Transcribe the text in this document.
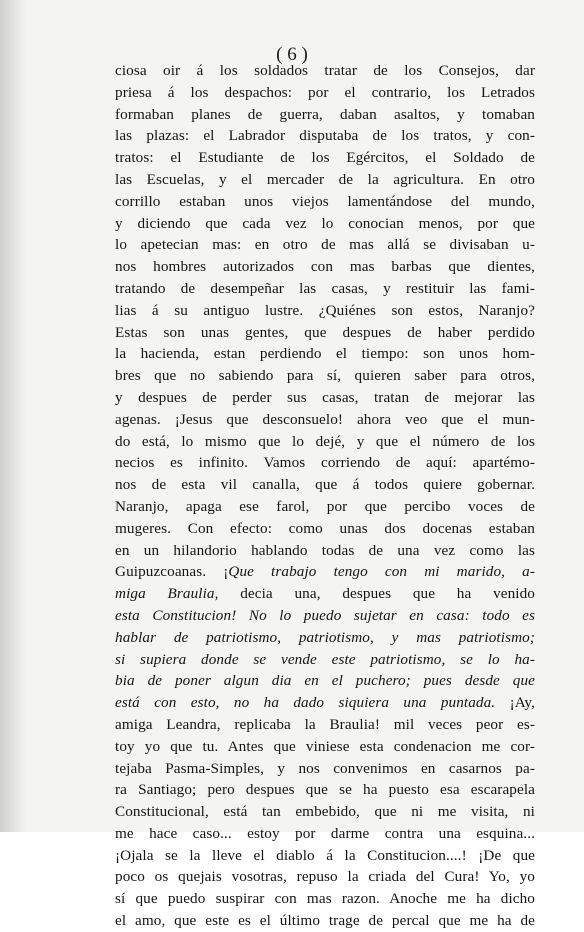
( 6 )
ciosa oir á los soldados tratar de los Consejos, dar
priesa á los despachos: por el contrario, los Letrados
formaban planes de guerra, daban asaltos, y tomaban
las plazas: el Labrador disputaba de los tratos, y con-
tratos: el Estudiante de los Egércitos, el Soldado de
las Escuelas, y el mercader de la agricultura. En otro
corrillo estaban unos viejos lamentándose del mundo,
y diciendo que cada vez lo conocian menos, por que
lo apetecian mas: en otro de mas allá se divisaban u-
nos hombres autorizados con mas barbas que dientes,
tratando de desempeñar las casas, y restituir las fami-
lias á su antiguo lustre. ¿Quiénes son estos, Naranjo?
Estas son unas gentes, que despues de haber perdido
la hacienda, estan perdiendo el tiempo: son unos hom-
bres que no sabiendo para sí, quieren saber para otros,
y despues de perder sus casas, tratan de mejorar las
agenas. ¡Jesus que desconsuelo! ahora veo que el mun-
do está, lo mismo que lo dejé, y que el número de los
necios es infinito. Vamos corriendo de aquí: apartémo-
nos de esta vil canalla, que á todos quiere gobernar.
Naranjo, apaga ese farol, por que percibo voces de
mugeres. Con efecto: como unas dos docenas estaban
en un hilandorio hablando todas de una vez como las
Guipuzcoanas. ¡Que trabajo tengo con mi marido, a-
miga Braulia, decia una, despues que ha venido
esta Constitucion! No lo puedo sujetar en casa: todo es
hablar de patriotismo, patriotismo, y mas patriotismo;
si supiera donde se vende este patriotismo, se lo ha-
bia de poner algun dia en el puchero; pues desde que
está con esto, no ha dado siquiera una puntada. ¡Ay,
amiga Leandra, replicaba la Braulia! mil veces peor es-
toy yo que tu. Antes que viniese esta condenacion me cor-
tejaba Pasma-Simples, y nos convenimos en casarnos pa-
ra Santiago; pero despues que se ha puesto esa escarapela
Constitucional, está tan embebido, que ni me visita, ni
me hace caso... estoy por darme contra una esquina...
¡Ojala se la lleve el diablo á la Constitucion....! ¡De que
poco os quejais vosotras, repuso la criada del Cura! Yo, yo
sí que puedo suspirar con mas razon. Anoche me ha dicho
el amo, que este es el último trage de percal que me ha de
